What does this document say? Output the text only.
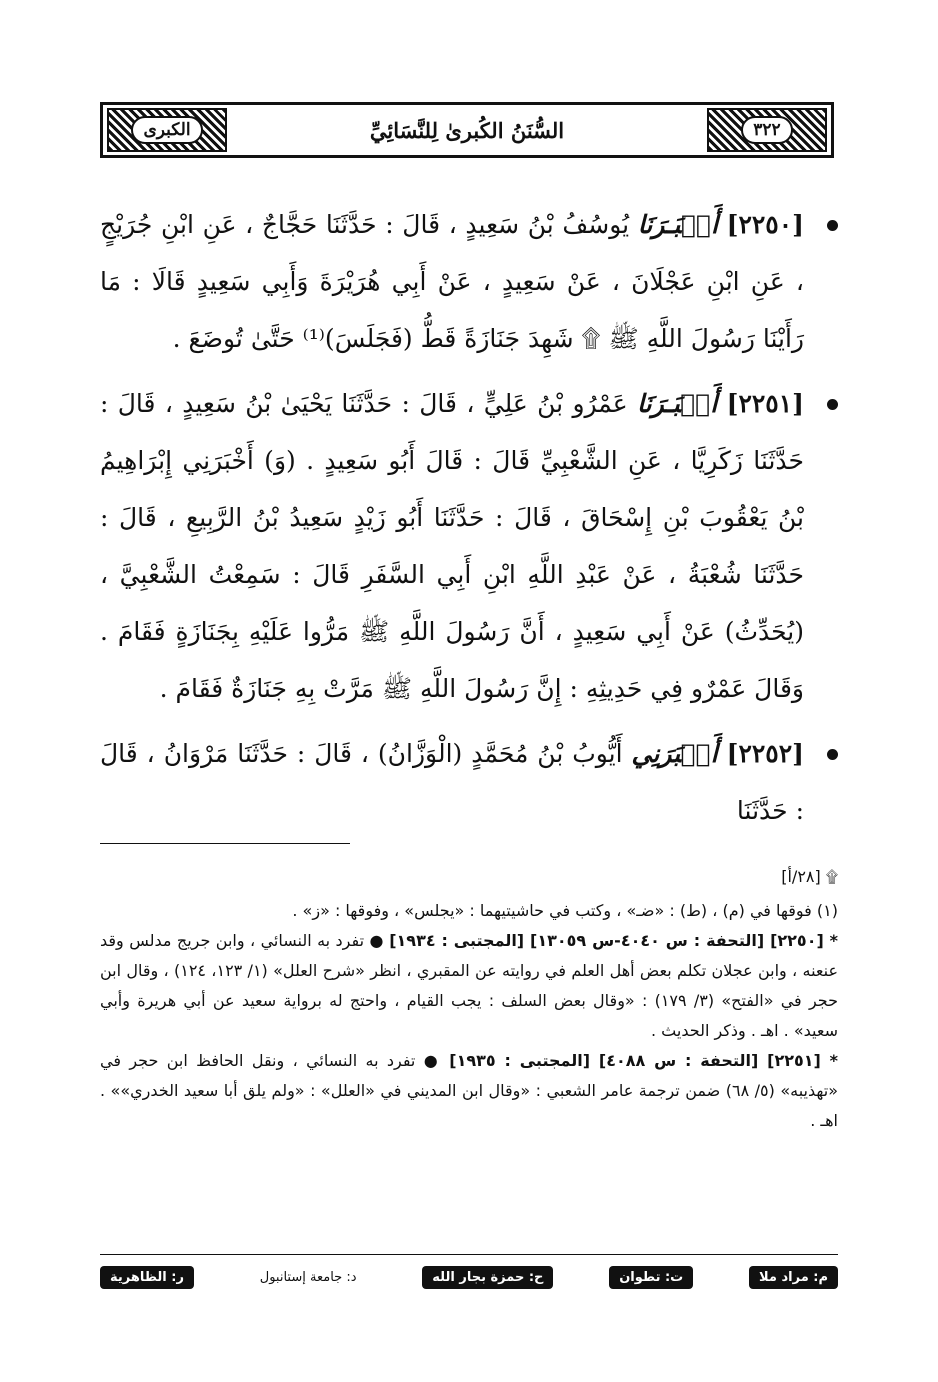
الكبرى	السُّنَنُ الكُبرىٰ لِلنَّسَائِيِّ	٣٢٢

[٢٢٥٠] أَخۡبَـرَنَا يُوسُفُ بْنُ سَعِيدٍ ، قَالَ : حَدَّثَنَا حَجَّاجٌ ، عَنِ ابْنِ جُرَيْجٍ ، عَنِ ابْنِ عَجْلَانَ ، عَنْ سَعِيدٍ ، عَنْ أَبِي هُرَيْرَةَ وَأَبِي سَعِيدٍ قَالَا : مَا رَأَيْنَا رَسُولَ اللَّهِ ﷺ ۩ شَهِدَ جَنَازَةً قَطُّ (فَجَلَسَ)⁽¹⁾ حَتَّىٰ تُوضَعَ .

[٢٢٥١] أَخۡبَـرَنَا عَمْرُو بْنُ عَلِيٍّ ، قَالَ : حَدَّثَنَا يَحْيَىٰ بْنُ سَعِيدٍ ، قَالَ : حَدَّثَنَا زَكَرِيَّا ، عَنِ الشَّعْبِيِّ قَالَ : قَالَ أَبُو سَعِيدٍ . (وَ) أَخْبَرَنِي إِبْرَاهِيمُ بْنُ يَعْقُوبَ بْنِ إِسْحَاقَ ، قَالَ : حَدَّثَنَا أَبُو زَيْدٍ سَعِيدُ بْنُ الرَّبِيعِ ، قَالَ : حَدَّثَنَا شُعْبَةُ ، عَنْ عَبْدِ اللَّهِ ابْنِ أَبِي السَّفَرِ قَالَ : سَمِعْتُ الشَّعْبِيَّ ، (يُحَدِّثُ) عَنْ أَبِي سَعِيدٍ ، أَنَّ رَسُولَ اللَّهِ ﷺ مَرُّوا عَلَيْهِ بِجَنَازَةٍ فَقَامَ . وَقَالَ عَمْرٌو فِي حَدِيثِهِ : إِنَّ رَسُولَ اللَّهِ ﷺ مَرَّتْ بِهِ جَنَازَةٌ فَقَامَ .

[٢٢٥٢] أَخۡبَرَنِي أَيُّوبُ بْنُ مُحَمَّدٍ (الْوَزَّانُ) ، قَالَ : حَدَّثَنَا مَرْوَانُ ، قَالَ : حَدَّثَنَا

۩ [٢٨/أ]

(١) فوقها في (م) ، (ط) : «ضـ» ، وكتب في حاشيتيهما : «يجلس» ، وفوقها : «ز» .

* [٢٢٥٠] [التحفة : س ٤٠٤٠-س ١٣٠٥٩] [المجتبى : ١٩٣٤] ● تفرد به النسائي ، وابن جريج مدلس وقد عنعنه ، وابن عجلان تكلم بعض أهل العلم في روايته عن المقبري ، انظر «شرح العلل» (١/ ١٢٣، ١٢٤) ، وقال ابن حجر في «الفتح» (٣/ ١٧٩) : «وقال بعض السلف : يجب القيام ، واحتج له برواية سعيد عن أبي هريرة وأبي سعيد» . اهـ . وذكر الحديث .

* [٢٢٥١] [التحفة : س ٤٠٨٨] [المجتبى : ١٩٣٥] ● تفرد به النسائي ، ونقل الحافظ ابن حجر في «تهذيبه» (٥/ ٦٨) ضمن ترجمة عامر الشعبي : «وقال ابن المديني في «العلل» : «ولم يلق أبا سعيد الخدري»» . اهـ .

م: مراد ملا
ت: تطوان
ح: حمزة بجار الله
د: جامعة إستانبول
ر: الظاهرية
